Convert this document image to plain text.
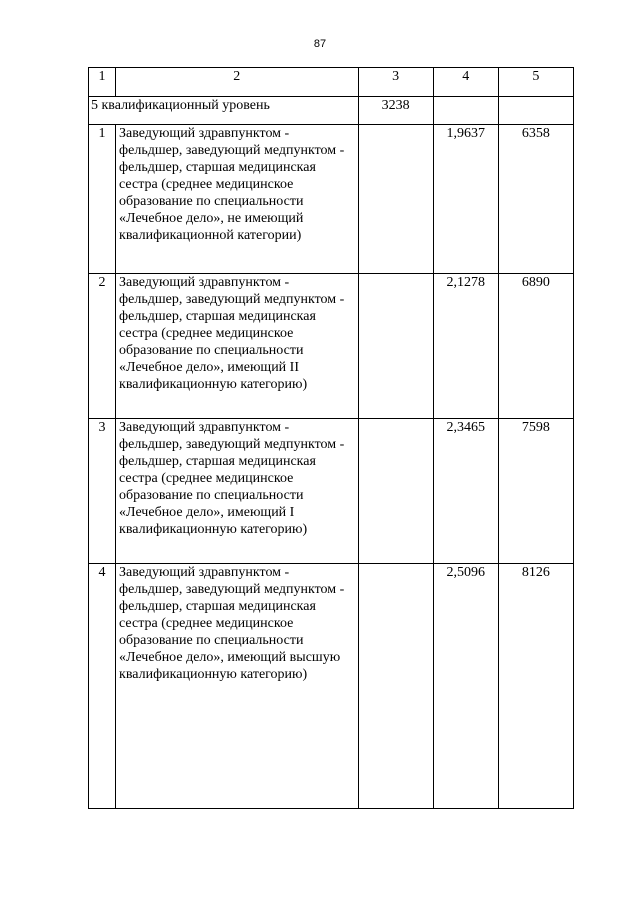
87
1	2	3	4	5
5 квалификационный уровень		3238		
1	Заведующий здравпунктом - фельдшер, заведующий медпунктом - фельдшер, старшая медицинская сестра (среднее медицинское образование по специальности «Лечебное дело», не имеющий квалификационной категории)		1,9637	6358
2	Заведующий здравпунктом - фельдшер, заведующий медпунктом - фельдшер, старшая медицинская сестра (среднее медицинское образование по специальности «Лечебное дело», имеющий II квалификационную категорию)		2,1278	6890
3	Заведующий здравпунктом - фельдшер, заведующий медпунктом - фельдшер, старшая медицинская сестра (среднее медицинское образование по специальности «Лечебное дело», имеющий I квалификационную категорию)		2,3465	7598
4	Заведующий здравпунктом - фельдшер, заведующий медпунктом - фельдшер, старшая медицинская сестра (среднее медицинское образование по специальности «Лечебное дело», имеющий высшую квалификационную категорию)		2,5096	8126
